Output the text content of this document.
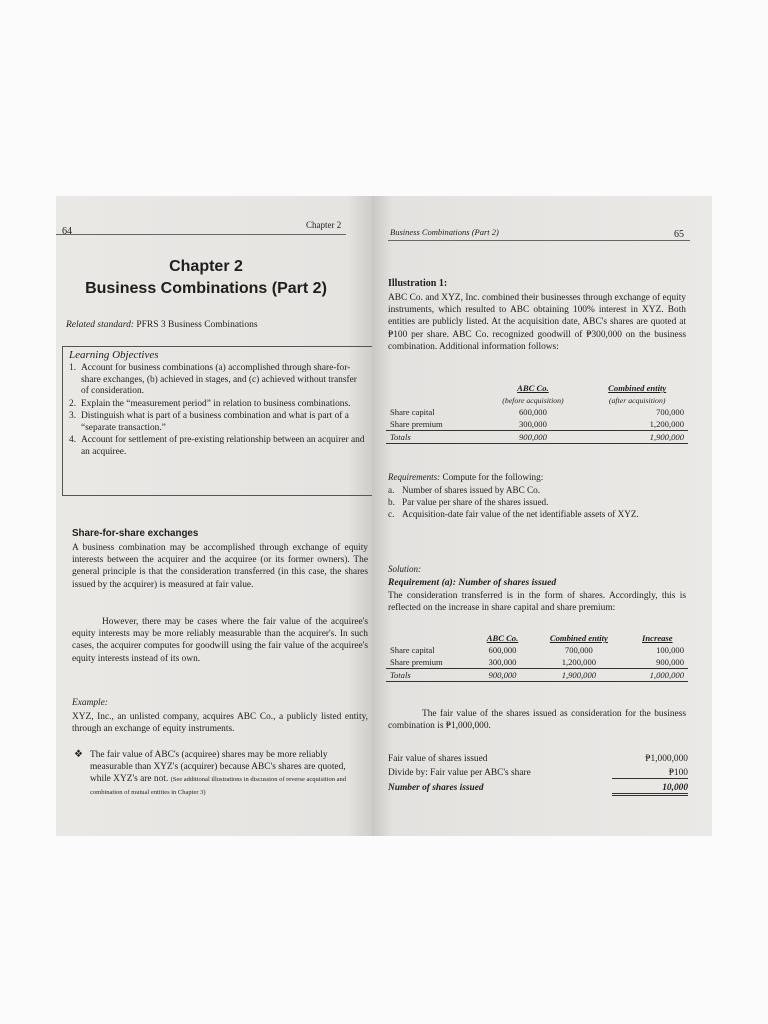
64
Chapter 2
Chapter 2
Business Combinations (Part 2)
Related standard: PFRS 3 Business Combinations
Learning Objectives
1. Account for business combinations (a) accomplished through share-for-share exchanges, (b) achieved in stages, and (c) achieved without transfer of consideration.
2. Explain the “measurement period” in relation to business combinations.
3. Distinguish what is part of a business combination and what is part of a “separate transaction.”
4. Account for settlement of pre-existing relationship between an acquirer and an acquiree.
Share-for-share exchanges
A business combination may be accomplished through exchange of equity interests between the acquirer and the acquiree (or its former owners). The general principle is that the consideration transferred (in this case, the shares issued by the acquirer) is measured at fair value.
However, there may be cases where the fair value of the acquiree's equity interests may be more reliably measurable than the acquirer's. In such cases, the acquirer computes for goodwill using the fair value of the acquiree's equity interests instead of its own.
Example:
XYZ, Inc., an unlisted company, acquires ABC Co., a publicly listed entity, through an exchange of equity instruments.
❖ The fair value of ABC's (acquiree) shares may be more reliably measurable than XYZ's (acquirer) because ABC's shares are quoted, while XYZ's are not. (See additional illustrations in discussion of reverse acquisition and combination of mutual entities in Chapter 3)
Business Combinations (Part 2)	65
Illustration 1:
ABC Co. and XYZ, Inc. combined their businesses through exchange of equity instruments, which resulted to ABC obtaining 100% interest in XYZ. Both entities are publicly listed. At the acquisition date, ABC's shares are quoted at ₱100 per share. ABC Co. recognized goodwill of ₱300,000 on the business combination. Additional information follows:
	ABC Co.	Combined entity
	(before acquisition)	(after acquisition)
Share capital	600,000	700,000
Share premium	300,000	1,200,000
Totals	900,000	1,900,000
Requirements: Compute for the following:
a. Number of shares issued by ABC Co.
b. Par value per share of the shares issued.
c. Acquisition-date fair value of the net identifiable assets of XYZ.
Solution:
Requirement (a): Number of shares issued
The consideration transferred is in the form of shares. Accordingly, this is reflected on the increase in share capital and share premium:
	ABC Co.	Combined entity	Increase
Share capital	600,000	700,000	100,000
Share premium	300,000	1,200,000	900,000
Totals	900,000	1,900,000	1,000,000
The fair value of the shares issued as consideration for the business combination is ₱1,000,000.
Fair value of shares issued	₱1,000,000
Divide by: Fair value per ABC's share	₱100
Number of shares issued	10,000
